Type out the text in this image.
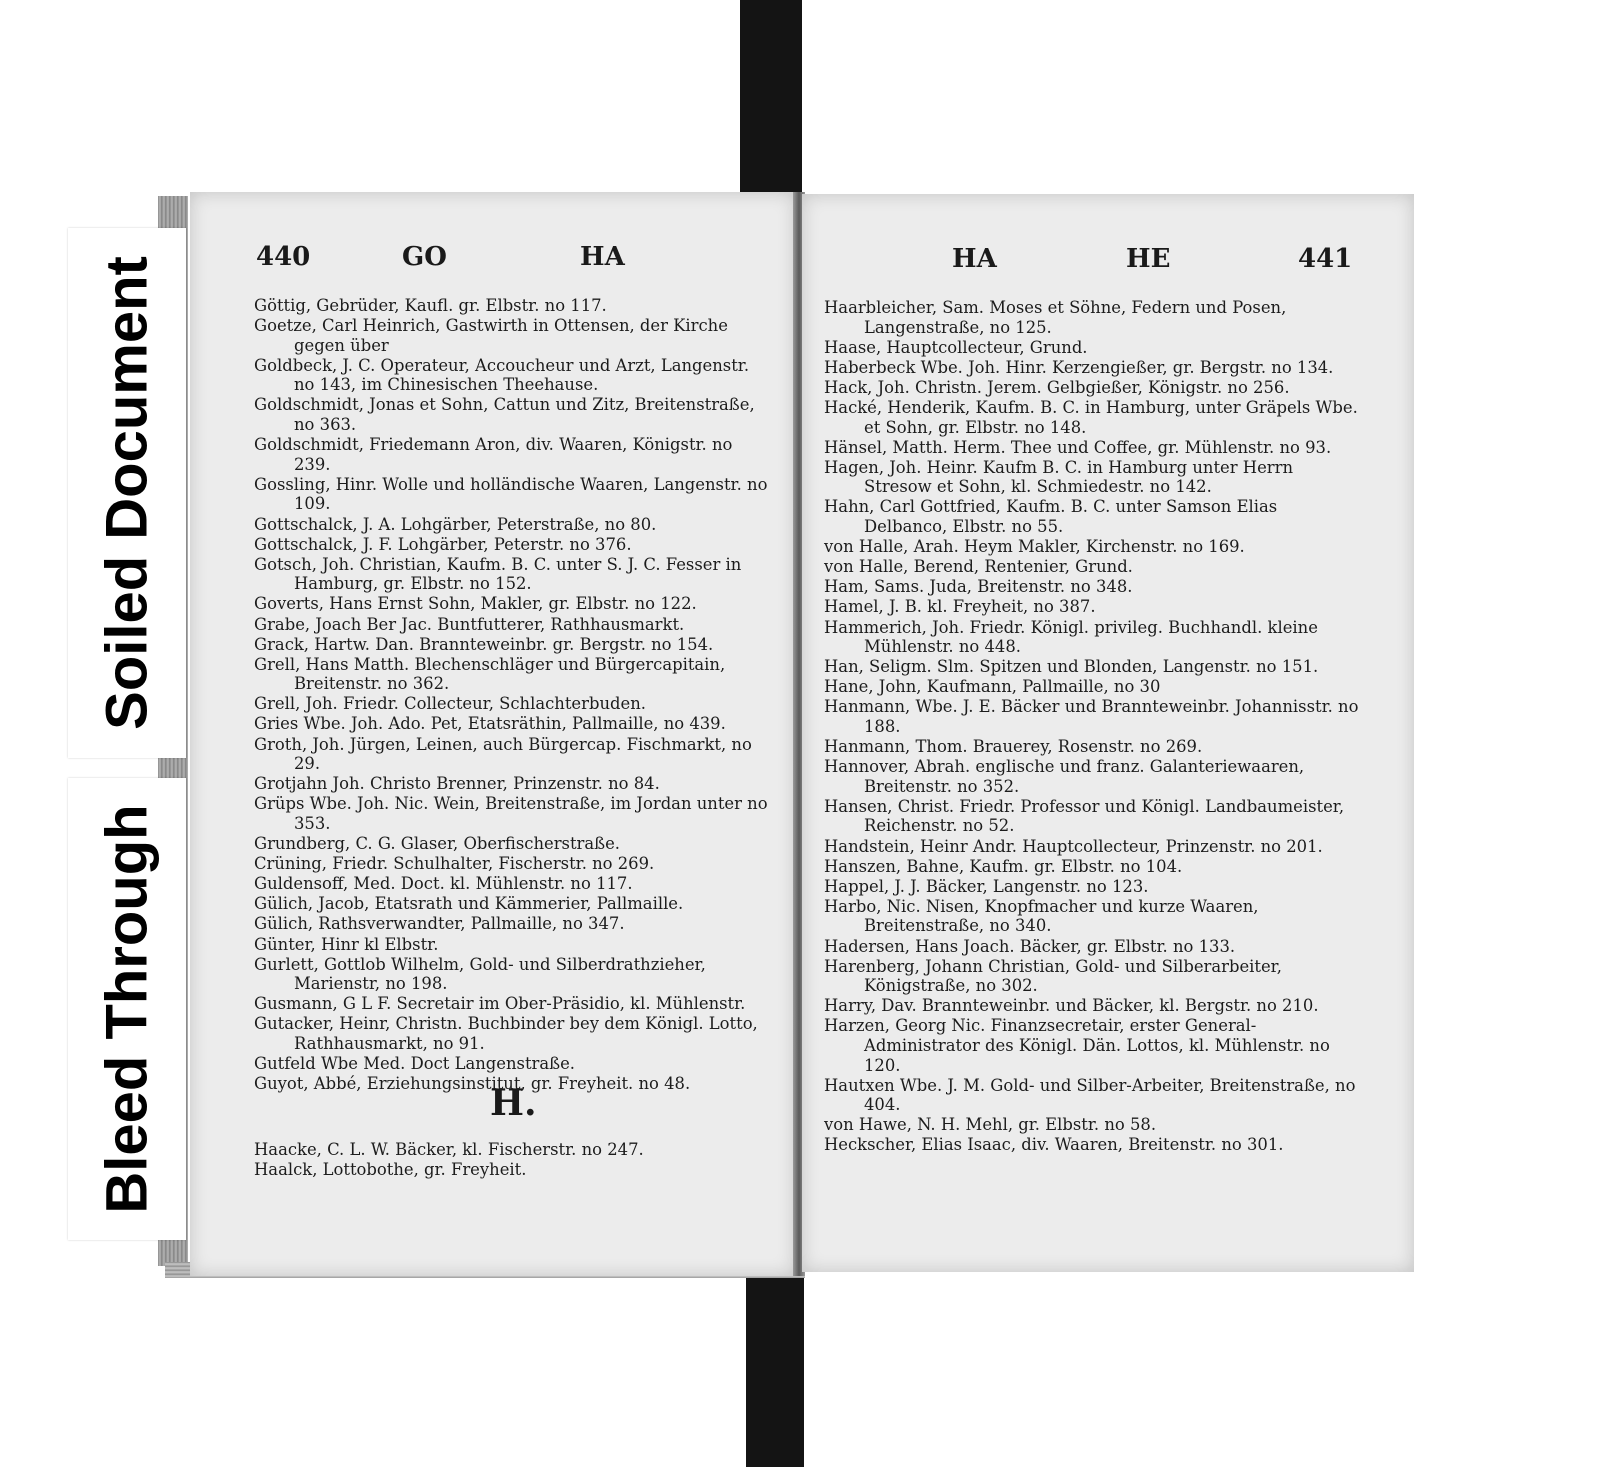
Soiled Document
Bleed Through
440	GO	HA
Göttig, Gebrüder, Kaufl. gr. Elbstr. no 117.
Goetze, Carl Heinrich, Gastwirth in Ottensen, der Kirche gegen über
Goldbeck, J. C. Operateur, Accoucheur und Arzt, Langenstr. no 143, im Chinesischen Theehause.
Goldschmidt, Jonas et Sohn, Cattun und Zitz, Breitenstraße, no 363.
Goldschmidt, Friedemann Aron, div. Waaren, Königstr. no 239.
Gossling, Hinr. Wolle und holländische Waaren, Langenstr. no 109.
Gottschalck, J. A. Lohgärber, Peterstraße, no 80.
Gottschalck, J. F. Lohgärber, Peterstr. no 376.
Gotsch, Joh. Christian, Kaufm. B. C. unter S. J. C. Fesser in Hamburg, gr. Elbstr. no 152.
Goverts, Hans Ernst Sohn, Makler, gr. Elbstr. no 122.
Grabe, Joach Ber Jac. Buntfutterer, Rathhausmarkt.
Grack, Hartw. Dan. Brannteweinbr. gr. Bergstr. no 154.
Grell, Hans Matth. Blechenschläger und Bürgercapitain, Breitenstr. no 362.
Grell, Joh. Friedr. Collecteur, Schlachterbuden.
Gries Wbe. Joh. Ado. Pet, Etatsräthin, Pallmaille, no 439.
Groth, Joh. Jürgen, Leinen, auch Bürgercap. Fischmarkt, no 29.
Grotjahn Joh. Christo Brenner, Prinzenstr. no 84.
Grüps Wbe. Joh. Nic. Wein, Breitenstraße, im Jordan unter no 353.
Grundberg, C. G. Glaser, Oberfischerstraße.
Crüning, Friedr. Schulhalter, Fischerstr. no 269.
Guldensoff, Med. Doct. kl. Mühlenstr. no 117.
Gülich, Jacob, Etatsrath und Kämmerier, Pallmaille.
Gülich, Rathsverwandter, Pallmaille, no 347.
Günter, Hinr kl Elbstr.
Gurlett, Gottlob Wilhelm, Gold- und Silberdrathzieher, Marienstr, no 198.
Gusmann, G L F. Secretair im Ober-Präsidio, kl. Mühlenstr.
Gutacker, Heinr, Christn. Buchbinder bey dem Königl. Lotto, Rathhausmarkt, no 91.
Gutfeld Wbe Med. Doct Langenstraße.
Guyot, Abbé, Erziehungsinstitut, gr. Freyheit. no 48.
H.
Haacke, C. L. W. Bäcker, kl. Fischerstr. no 247.
Haalck, Lottobothe, gr. Freyheit.
HA	HE	441
Haarbleicher, Sam. Moses et Söhne, Federn und Posen, Langenstraße, no 125.
Haase, Hauptcollecteur, Grund.
Haberbeck Wbe. Joh. Hinr. Kerzengießer, gr. Bergstr. no 134.
Hack, Joh. Christn. Jerem. Gelbgießer, Königstr. no 256.
Hacké, Henderik, Kaufm. B. C. in Hamburg, unter Gräpels Wbe. et Sohn, gr. Elbstr. no 148.
Hänsel, Matth. Herm. Thee und Coffee, gr. Mühlenstr. no 93.
Hagen, Joh. Heinr. Kaufm B. C. in Hamburg unter Herrn Stresow et Sohn, kl. Schmiedestr. no 142.
Hahn, Carl Gottfried, Kaufm. B. C. unter Samson Elias Delbanco, Elbstr. no 55.
von Halle, Arah. Heym Makler, Kirchenstr. no 169.
von Halle, Berend, Rentenier, Grund.
Ham, Sams. Juda, Breitenstr. no 348.
Hamel, J. B. kl. Freyheit, no 387.
Hammerich, Joh. Friedr. Königl. privileg. Buchhandl. kleine Mühlenstr. no 448.
Han, Seligm. Slm. Spitzen und Blonden, Langenstr. no 151.
Hane, John, Kaufmann, Pallmaille, no 30
Hanmann, Wbe. J. E. Bäcker und Brannteweinbr. Johannisstr. no 188.
Hanmann, Thom. Brauerey, Rosenstr. no 269.
Hannover, Abrah. englische und franz. Galanteriewaaren, Breitenstr. no 352.
Hansen, Christ. Friedr. Professor und Königl. Landbaumeister, Reichenstr. no 52.
Handstein, Heinr Andr. Hauptcollecteur, Prinzenstr. no 201.
Hanszen, Bahne, Kaufm. gr. Elbstr. no 104.
Happel, J. J. Bäcker, Langenstr. no 123.
Harbo, Nic. Nisen, Knopfmacher und kurze Waaren, Breitenstraße, no 340.
Hadersen, Hans Joach. Bäcker, gr. Elbstr. no 133.
Harenberg, Johann Christian, Gold- und Silberarbeiter, Königstraße, no 302.
Harry, Dav. Brannteweinbr. und Bäcker, kl. Bergstr. no 210.
Harzen, Georg Nic. Finanzsecretair, erster General-Administrator des Königl. Dän. Lottos, kl. Mühlenstr. no 120.
Hautxen Wbe. J. M. Gold- und Silber-Arbeiter, Breitenstraße, no 404.
von Hawe, N. H. Mehl, gr. Elbstr. no 58.
Heckscher, Elias Isaac, div. Waaren, Breitenstr. no 301.
